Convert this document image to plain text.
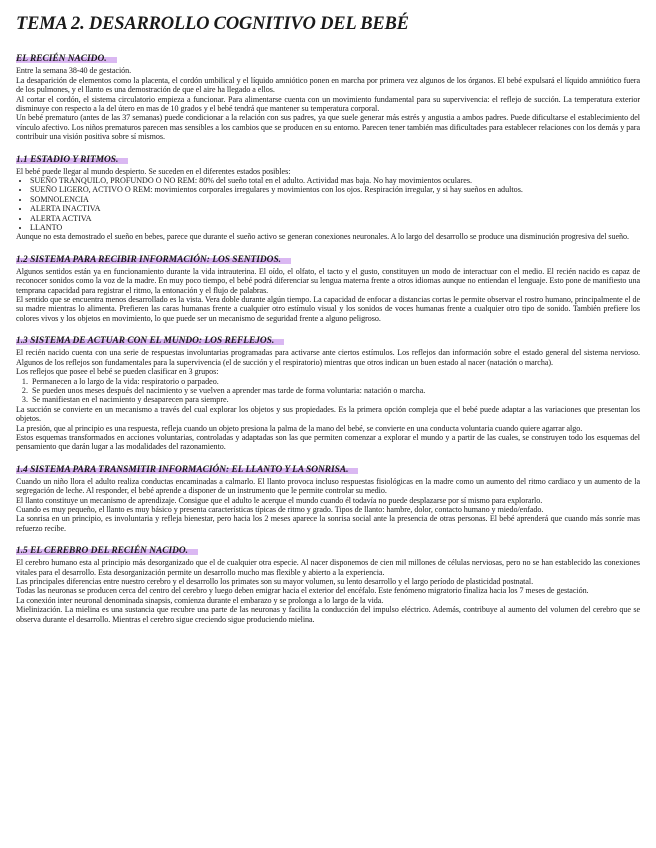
TEMA 2. DESARROLLO COGNITIVO DEL BEBÉ
EL RECIÉN NACIDO.

Entre la semana 38-40 de gestación.

La desaparición de elementos como la placenta, el cordón umbilical y el líquido amniótico ponen en marcha por primera vez algunos de los órganos. El bebé expulsará el líquido amniótico fuera de los pulmones, y el llanto es una demostración de que el aire ha llegado a ellos.

Al cortar el cordón, el sistema circulatorio empieza a funcionar. Para alimentarse cuenta con un movimiento fundamental para su supervivencia: el reflejo de succión. La temperatura exterior disminuye con respecto a la del útero en mas de 10 grados y el bebé tendrá que mantener su temperatura corporal.

Un bebé prematuro (antes de las 37 semanas) puede condicionar a la relación con sus padres, ya que suele generar más estrés y angustia a ambos padres. Puede dificultarse el establecimiento del vínculo afectivo. Los niños prematuros parecen mas sensibles a los cambios que se producen en su entorno. Parecen tener también mas dificultades para establecer relaciones con los demás y para contribuir una visión positiva sobre sí mismos.

1.1 ESTADIO Y RITMOS.

El bebé puede llegar al mundo despierto. Se suceden en el diferentes estados posibles:

• SUEÑO TRANQUILO, PROFUNDO O NO REM: 80% del sueño total en el adulto. Actividad mas baja. No hay movimientos oculares.
• SUEÑO LIGERO, ACTIVO O REM: movimientos corporales irregulares y movimientos con los ojos. Respiración irregular, y si hay sueños en adultos.
• SOMNOLENCIA
• ALERTA INACTIVA
• ALERTA ACTIVA
• LLANTO

Aunque no esta demostrado el sueño en bebes, parece que durante el sueño activo se generan conexiones neuronales. A lo largo del desarrollo se produce una disminución progresiva del sueño.

1.2 SISTEMA PARA RECIBIR INFORMACIÓN: LOS SENTIDOS.

Algunos sentidos están ya en funcionamiento durante la vida intrauterina. El oído, el olfato, el tacto y el gusto, constituyen un modo de interactuar con el medio. El recién nacido es capaz de reconocer sonidos como la voz de la madre. En muy poco tiempo, el bebé podrá diferenciar su lengua materna frente a otros idiomas aunque no entiendan el lenguaje. Esto pone de manifiesto una temprana capacidad para registrar el ritmo, la entonación y el flujo de palabras.

El sentido que se encuentra menos desarrollado es la vista. Vera doble durante algún tiempo. La capacidad de enfocar a distancias cortas le permite observar el rostro humano, principalmente el de su madre mientras lo alimenta. Prefieren las caras humanas frente a cualquier otro estímulo visual y los sonidos de voces humanas frente a cualquier otro tipo de sonido. También prefiere los colores vivos y los objetos en movimiento, lo que puede ser un mecanismo de seguridad frente a alguno peligroso.

1.3 SISTEMA DE ACTUAR CON EL MUNDO: LOS REFLEJOS.

El recién nacido cuenta con una serie de respuestas involuntarias programadas para activarse ante ciertos estímulos. Los reflejos dan información sobre el estado general del sistema nervioso. Algunos de los reflejos son fundamentales para la supervivencia (el de succión y el respiratorio) mientras que otros indican un buen estado al nacer (natación o marcha).

Los reflejos que posee el bebé se pueden clasificar en 3 grupos:

1. Permanecen a lo largo de la vida: respiratorio o parpadeo.
2. Se pueden unos meses después del nacimiento y se vuelven a aprender mas tarde de forma voluntaria: natación o marcha.
3. Se manifiestan en el nacimiento y desaparecen para siempre.

La succión se convierte en un mecanismo a través del cual explorar los objetos y sus propiedades. Es la primera opción compleja que el bebé puede adaptar a las variaciones que presentan los objetos.

La presión, que al principio es una respuesta, refleja cuando un objeto presiona la palma de la mano del bebé, se convierte en una conducta voluntaria cuando quiere agarrar algo.

Estos esquemas transformados en acciones voluntarias, controladas y adaptadas son las que permiten comenzar a explorar el mundo y a partir de las cuales, se construyen todo los esquemas del pensamiento que darán lugar a las modalidades del razonamiento.

1.4 SISTEMA PARA TRANSMITIR INFORMACIÓN: EL LLANTO Y LA SONRISA.

Cuando un niño llora el adulto realiza conductas encaminadas a calmarlo. El llanto provoca incluso respuestas fisiológicas en la madre como un aumento del ritmo cardiaco y un aumento de la segregación de leche. Al responder, el bebé aprende a disponer de un instrumento que le permite controlar su medio.

El llanto constituye un mecanismo de aprendizaje. Consigue que el adulto le acerque el mundo cuando él todavía no puede desplazarse por sí mismo para explorarlo.

Cuando es muy pequeño, el llanto es muy básico y presenta características típicas de ritmo y grado. Tipos de llanto: hambre, dolor, contacto humano y miedo/enfado.

La sonrisa en un principio, es involuntaria y refleja bienestar, pero hacia los 2 meses aparece la sonrisa social ante la presencia de otras personas. El bebé aprenderá que cuando más sonríe mas refuerzo recibe.

1.5 EL CEREBRO DEL RECIÉN NACIDO.

El cerebro humano esta al principio más desorganizado que el de cualquier otra especie. Al nacer disponemos de cien mil millones de células nerviosas, pero no se han establecido las conexiones vitales para el desarrollo. Esta desorganización permite un desarrollo mucho mas flexible y abierto a la experiencia.

Las principales diferencias entre nuestro cerebro y el desarrollo los primates son su mayor volumen, su lento desarrollo y el largo período de plasticidad postnatal.

Todas las neuronas se producen cerca del centro del cerebro y luego deben emigrar hacia el exterior del encéfalo. Este fenómeno migratorio finaliza hacia los 7 meses de gestación.

La conexión inter neuronal denominada sinapsis, comienza durante el embarazo y se prolonga a lo largo de la vida.

Mielinización. La mielina es una sustancia que recubre una parte de las neuronas y facilita la conducción del impulso eléctrico. Además, contribuye al aumento del volumen del cerebro que se observa durante el desarrollo. Mientras el cerebro sigue creciendo sigue produciendo mielina.
